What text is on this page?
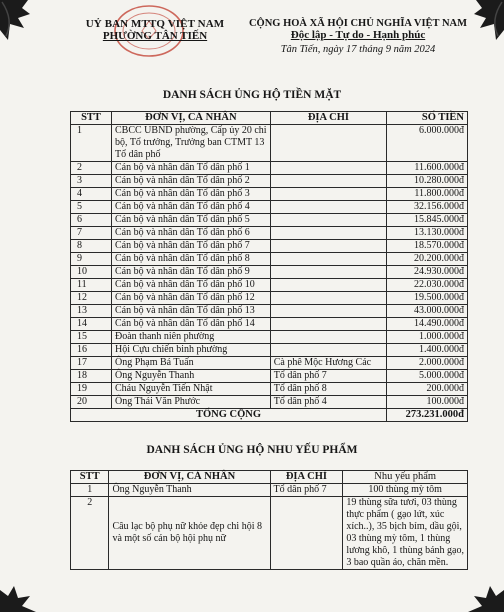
UỶ BAN MTTQ VIỆT NAM
PHƯỜNG TÂN TIẾN
CỘNG HOÀ XÃ HỘI CHỦ NGHĨA VIỆT NAM
Độc lập - Tự do - Hạnh phúc
Tân Tiến, ngày 17 tháng 9 năm 2024
DANH SÁCH ỦNG HỘ TIỀN MẶT
STT	ĐƠN VỊ, CÁ NHÂN	ĐỊA CHỈ	SỐ TIỀN
1	CBCC UBND phường, Cấp ủy 20 chi bộ, Tổ trưởng, Trưởng ban CTMT 13 Tổ dân phố		6.000.000đ
2	Cán bộ và nhân dân Tổ dân phố 1		11.600.000đ
3	Cán bộ và nhân dân Tổ dân phố 2		10.280.000đ
4	Cán bộ và nhân dân Tổ dân phố 3		11.800.000đ
5	Cán bộ và nhân dân Tổ dân phố 4		32.156.000đ
6	Cán bộ và nhân dân Tổ dân phố 5		15.845.000đ
7	Cán bộ và nhân dân Tổ dân phố 6		13.130.000đ
8	Cán bộ và nhân dân Tổ dân phố 7		18.570.000đ
9	Cán bộ và nhân dân Tổ dân phố 8		20.200.000đ
10	Cán bộ và nhân dân Tổ dân phố 9		24.930.000đ
11	Cán bộ và nhân dân Tổ dân phố 10		22.030.000đ
12	Cán bộ và nhân dân Tổ dân phố 12		19.500.000đ
13	Cán bộ và nhân dân Tổ dân phố 13		43.000.000đ
14	Cán bộ và nhân dân Tổ dân phố 14		14.490.000đ
15	Đoàn thanh niên phường		1.000.000đ
16	Hội Cựu chiến binh phường		1.400.000đ
17	Ông Phạm Bá Tuấn	Cà phê Mộc Hương Các	2.000.000đ
18	Ông Nguyễn Thanh	Tổ dân phố 7	5.000.000đ
19	Cháu Nguyễn Tiến Nhật	Tổ dân phố 8	200.000đ
20	Ông Thái Văn Phước	Tổ dân phố 4	100.000đ
TỔNG CỘNG			273.231.000đ
DANH SÁCH ỦNG HỘ NHU YẾU PHẨM
STT	ĐƠN VỊ, CÁ NHÂN	ĐỊA CHỈ	Nhu yếu phẩm
1	Ông Nguyễn Thanh	Tổ dân phố 7	100 thùng mỳ tôm
2	Câu lạc bộ phụ nữ khỏe đẹp chi hội 8 và một số cán bộ hội phụ nữ		19 thùng sữa tươi, 03 thùng thực phẩm ( gạo lứt, xúc xích..), 35 bịch bỉm, dầu gội, 03 thùng mỳ tôm, 1 thùng lương khô, 1 thùng bánh gạo, 3 bao quần áo, chăn mền.
